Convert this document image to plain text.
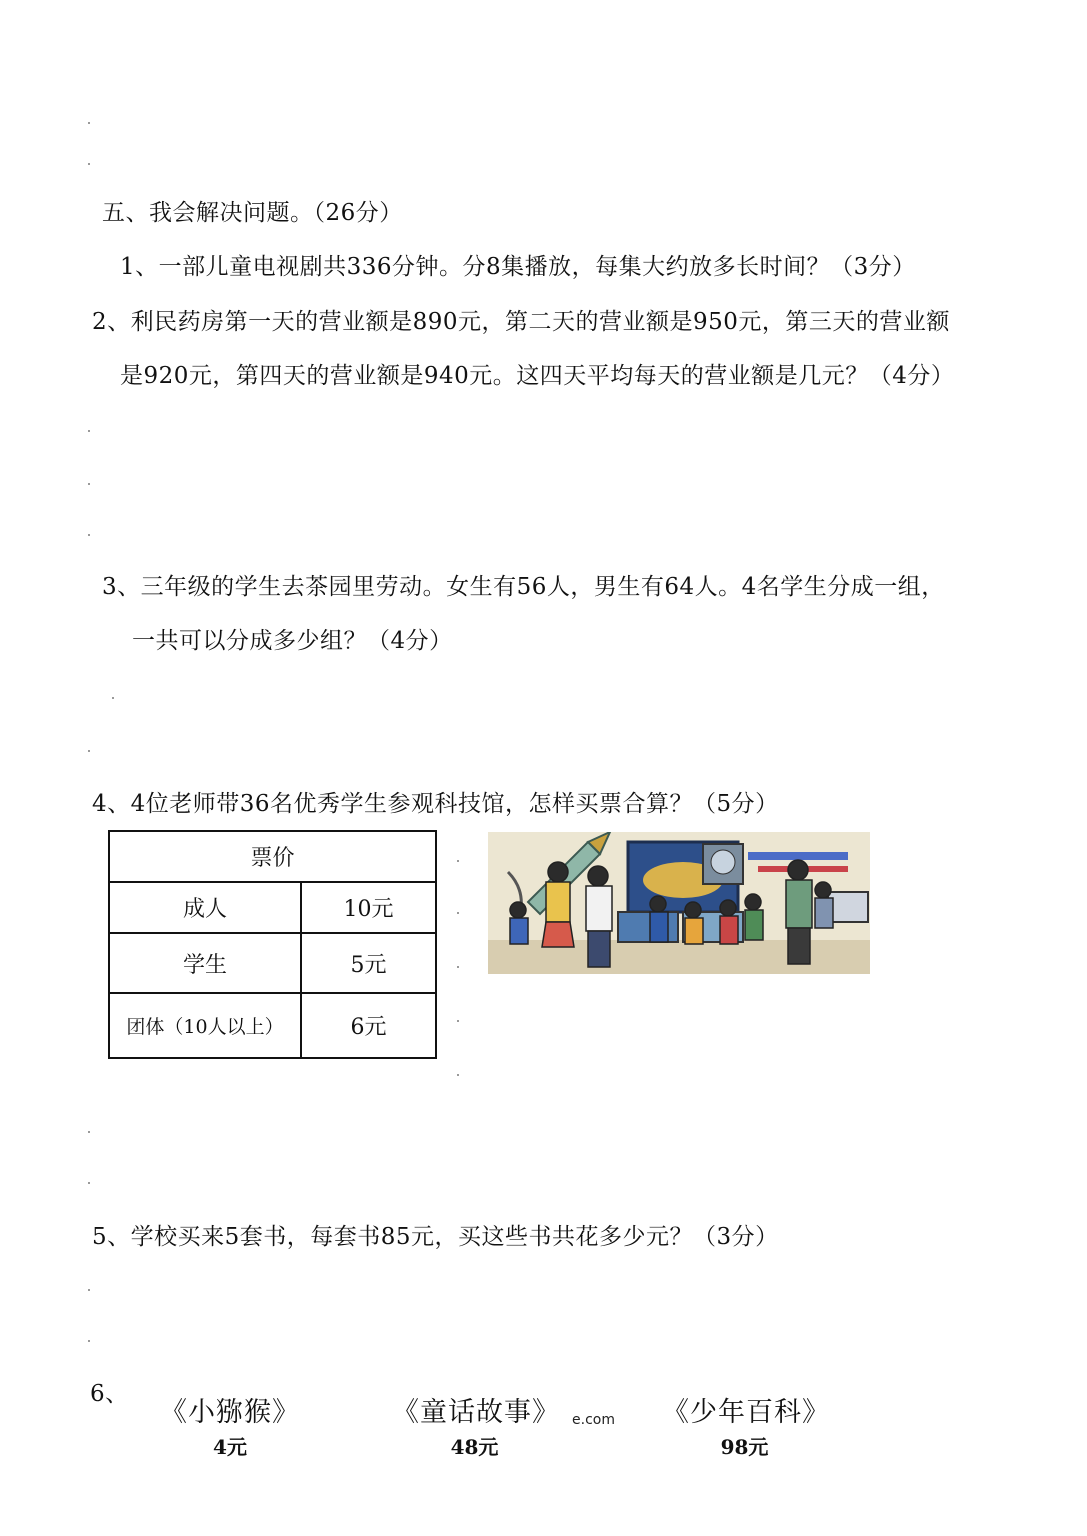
五、我会解决问题。（26分）
1、一部儿童电视剧共336分钟。分8集播放，每集大约放多长时间？（3分）
2、利民药房第一天的营业额是890元，第二天的营业额是950元，第三天的营业额
是920元，第四天的营业额是940元。这四天平均每天的营业额是几元？（4分）
3、三年级的学生去茶园里劳动。女生有56人，男生有64人。4名学生分成一组，
一共可以分成多少组？（4分）
4、4位老师带36名优秀学生参观科技馆，怎样买票合算？（5分）
票价	
成人	10元
学生	5元
团体（10人以上）	6元
5、学校买来5套书，每套书85元，买这些书共花多少元？（3分）
6、
《小猕猴》
4元
《童话故事》
48元
《少年百科》
98元
e.com
